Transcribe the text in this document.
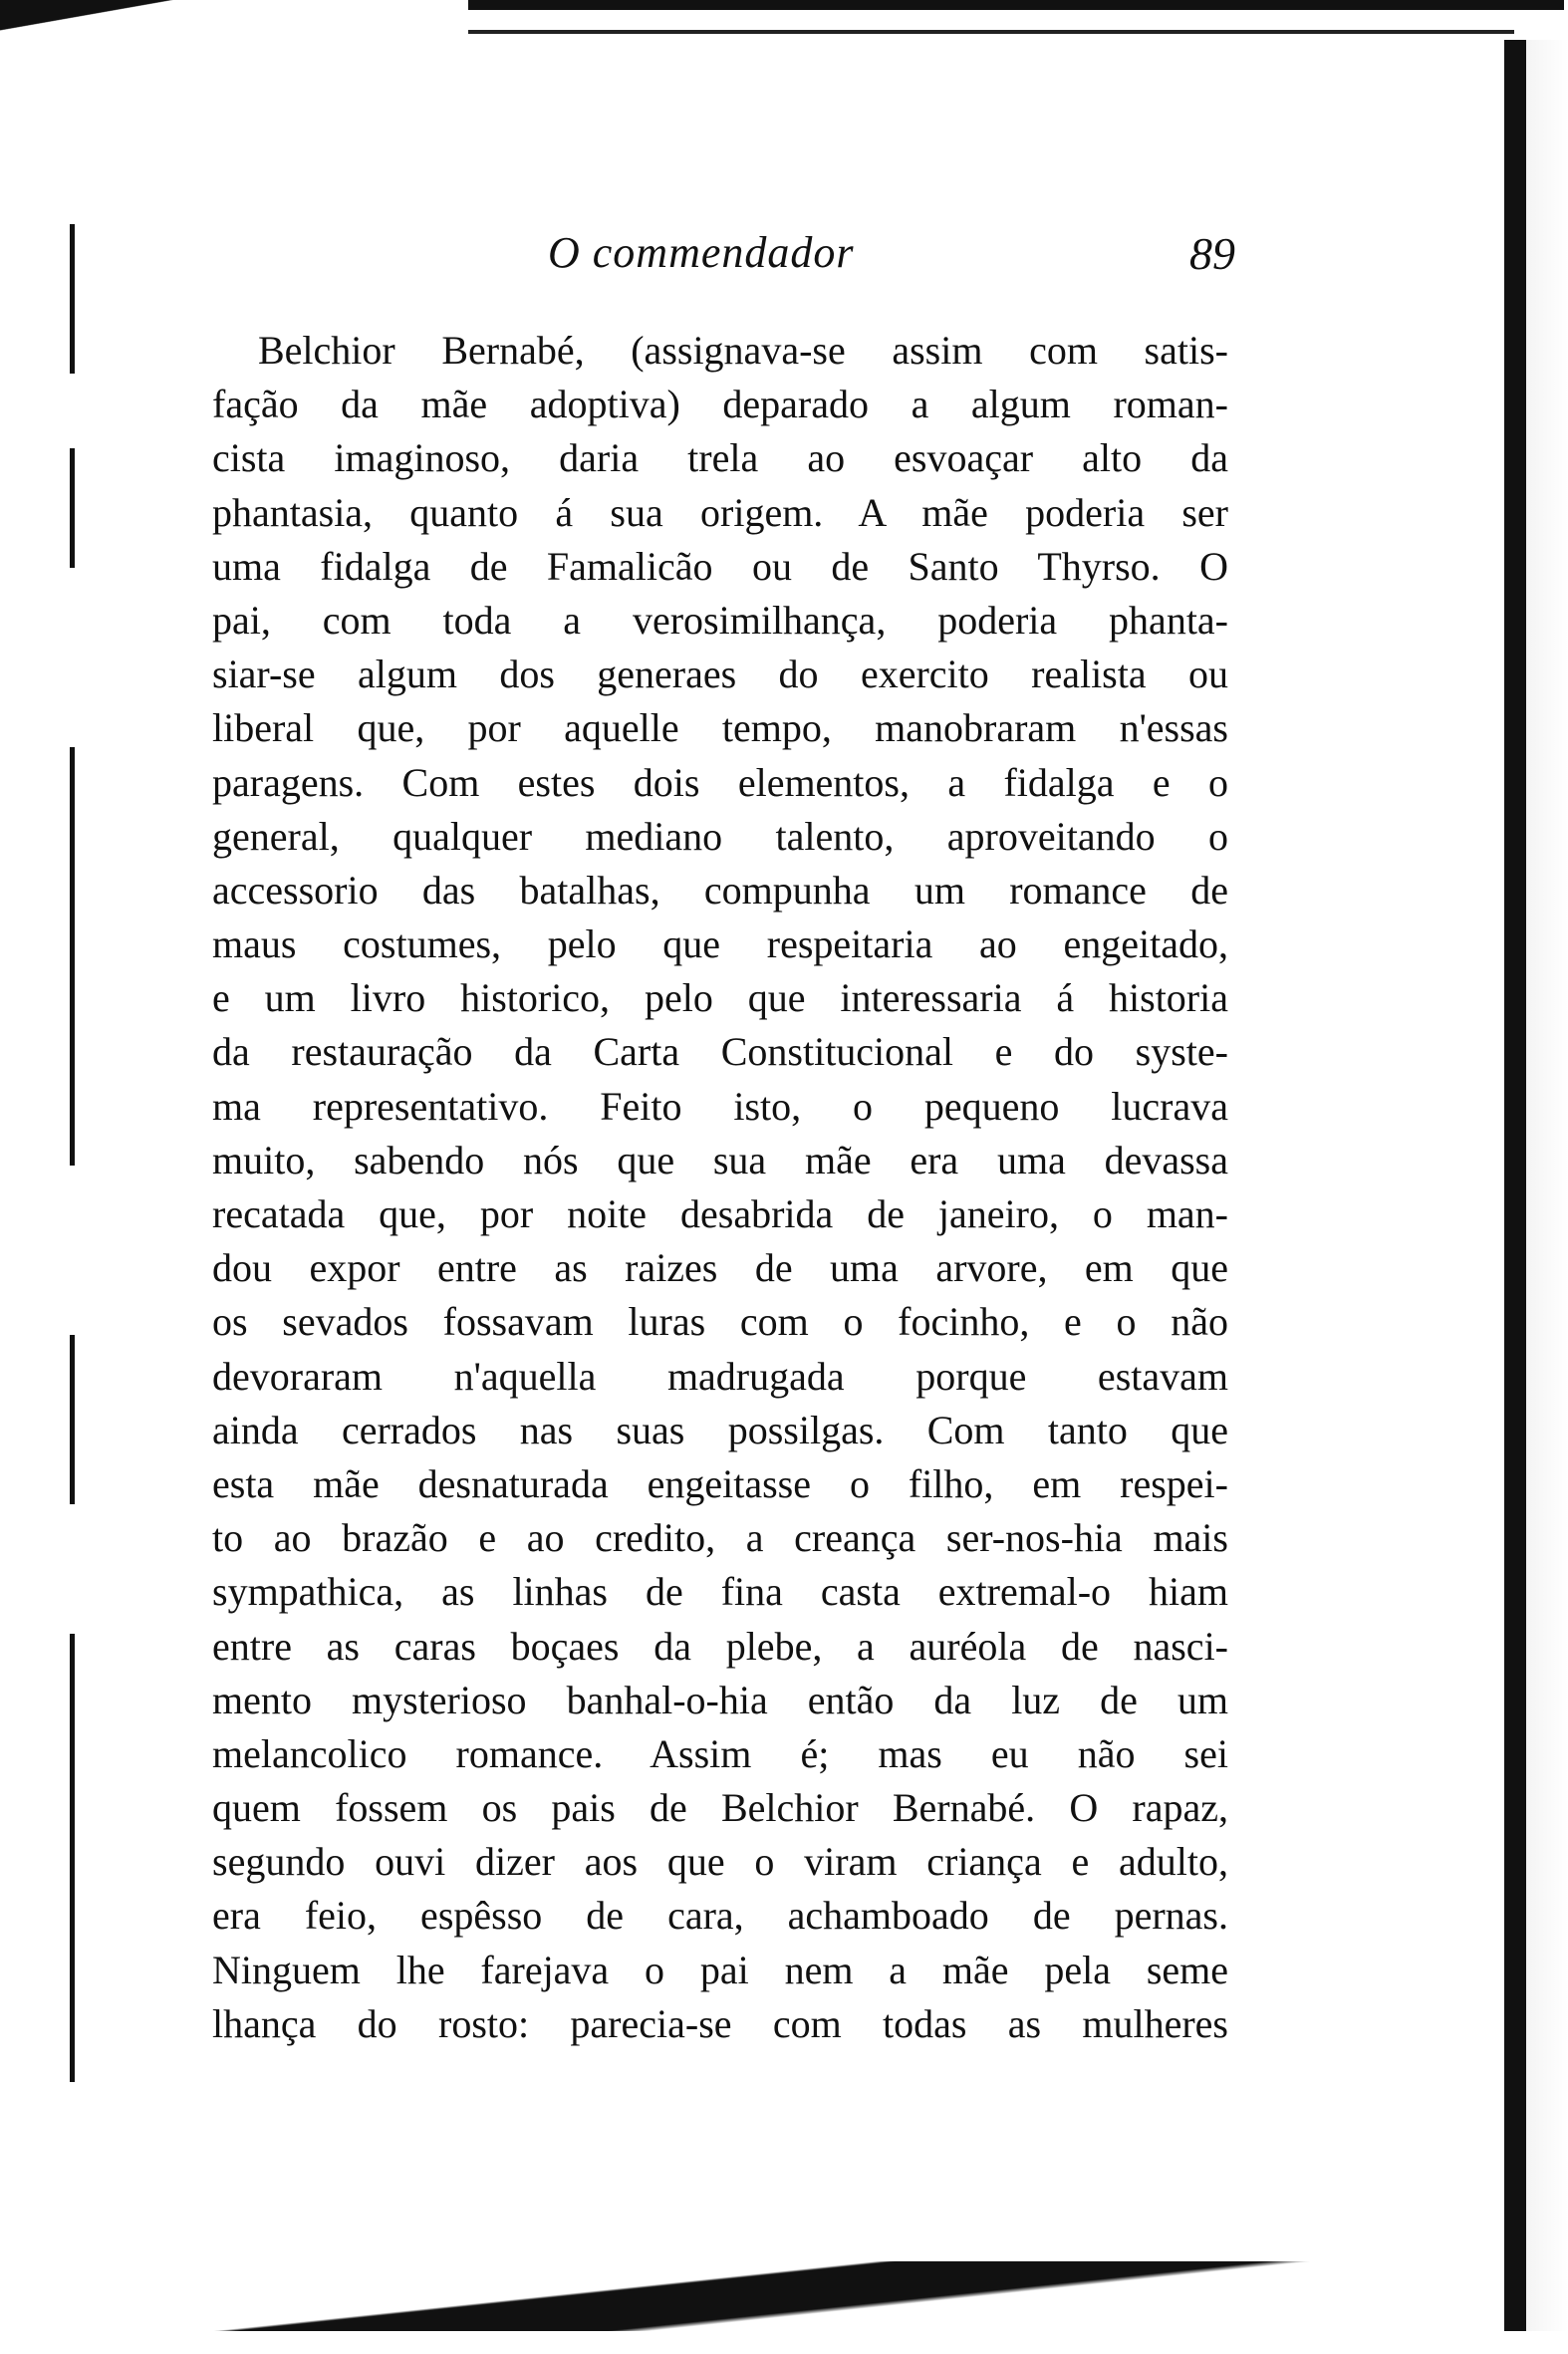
O commendador	89
Belchior Bernabé, (assignava-se assim com satis-
fação da mãe adoptiva) deparado a algum roman-
cista imaginoso, daria trela ao esvoaçar alto da
phantasia, quanto á sua origem. A mãe poderia ser
uma fidalga de Famalicão ou de Santo Thyrso. O
pai, com toda a verosimilhança, poderia phanta-
siar-se algum dos generaes do exercito realista ou
liberal que, por aquelle tempo, manobraram n'essas
paragens. Com estes dois elementos, a fidalga e o
general, qualquer mediano talento, aproveitando o
accessorio das batalhas, compunha um romance de
maus costumes, pelo que respeitaria ao engeitado,
e um livro historico, pelo que interessaria á historia
da restauração da Carta Constitucional e do syste-
ma representativo. Feito isto, o pequeno lucrava
muito, sabendo nós que sua mãe era uma devassa
recatada que, por noite desabrida de janeiro, o man-
dou expor entre as raizes de uma arvore, em que
os sevados fossavam luras com o focinho, e o não
devoraram n'aquella madrugada porque estavam
ainda cerrados nas suas possilgas. Com tanto que
esta mãe desnaturada engeitasse o filho, em respei-
to ao brazão e ao credito, a creança ser-nos-hia mais
sympathica, as linhas de fina casta extremal-o hiam
entre as caras boçaes da plebe, a auréola de nasci-
mento mysterioso banhal-o-hia então da luz de um
melancolico romance. Assim é; mas eu não sei
quem fossem os pais de Belchior Bernabé. O rapaz,
segundo ouvi dizer aos que o viram criança e adulto,
era feio, espêsso de cara, achamboado de pernas.
Ninguem lhe farejava o pai nem a mãe pela seme
lhança do rosto: parecia-se com todas as mulheres
